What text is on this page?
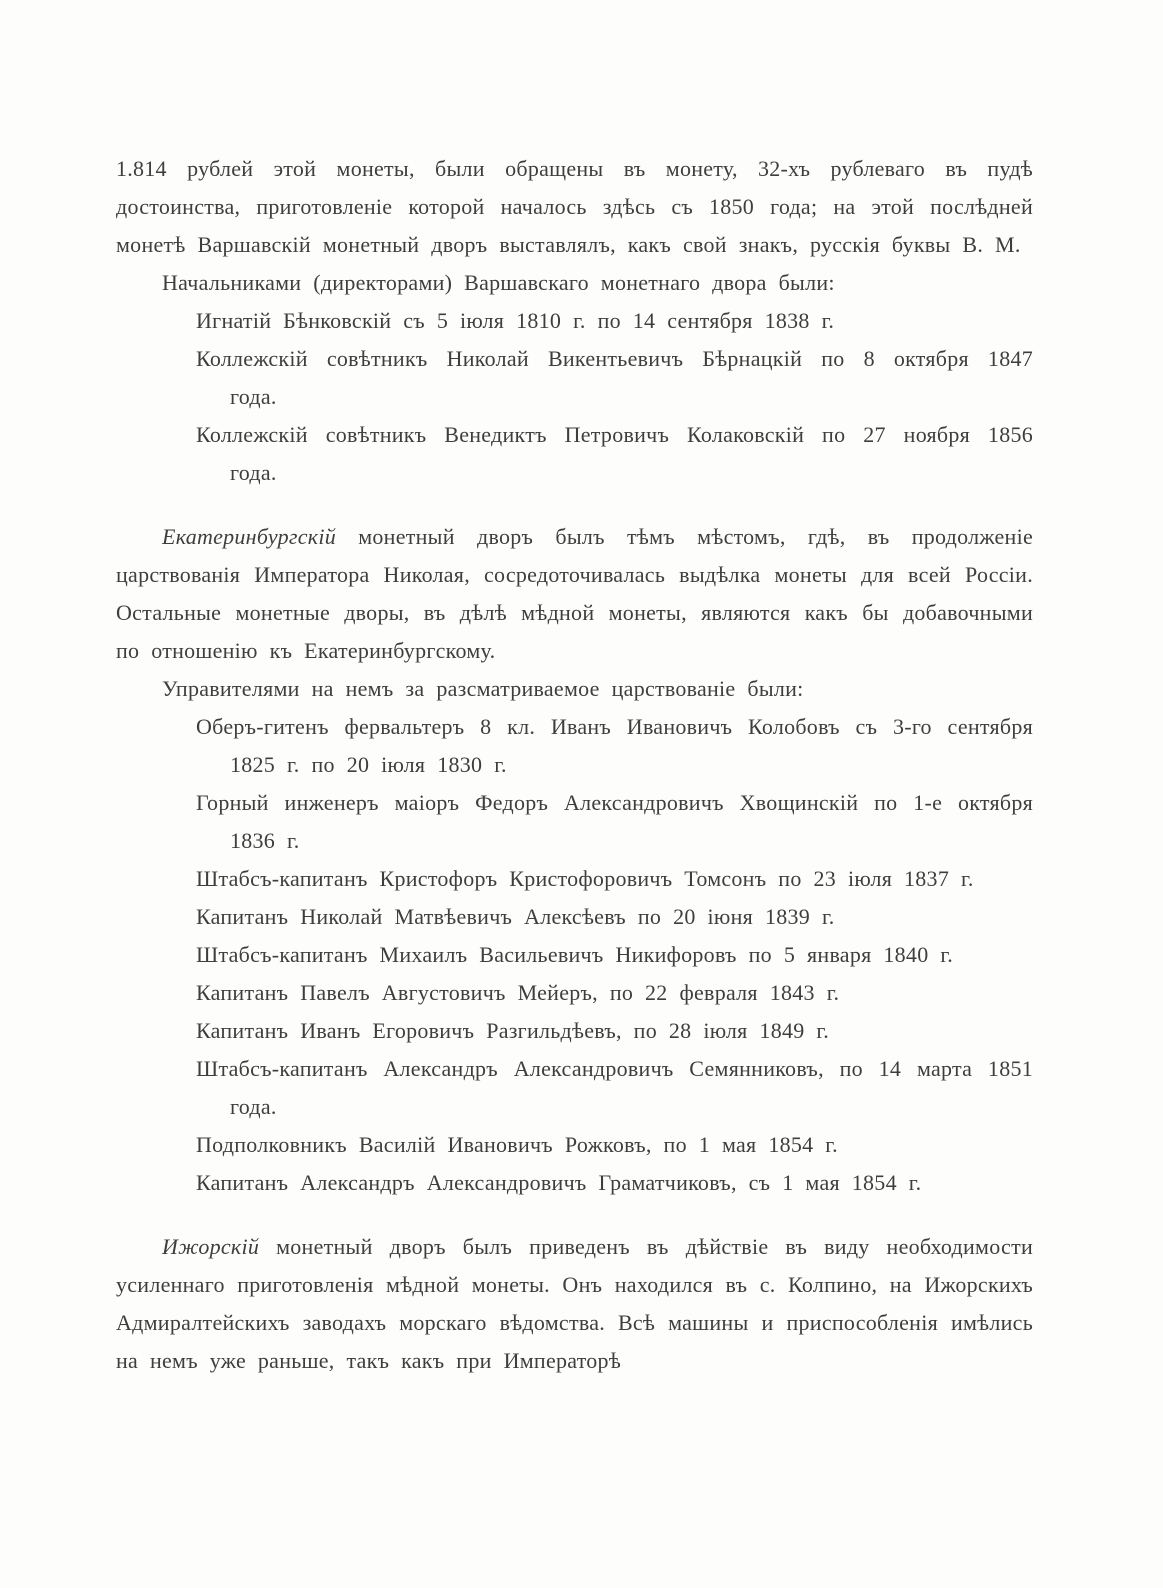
1.814 рублей этой монеты, были обращены въ монету, 32-хъ рублеваго въ пудѣ достоинства, приготовленіе которой началось здѣсь съ 1850 года; на этой послѣдней монетѣ Варшавскій монетный дворъ выставлялъ, какъ свой знакъ, русскія буквы В. М.

Начальниками (директорами) Варшавскаго монетнаго двора были:

Игнатій Бѣнковскій съ 5 іюля 1810 г. по 14 сентября 1838 г.

Коллежскій совѣтникъ Николай Викентьевичъ Бѣрнацкій по 8 октября 1847 года.

Коллежскій совѣтникъ Венедиктъ Петровичъ Колаковскій по 27 ноября 1856 года.

Екатеринбургскій монетный дворъ былъ тѣмъ мѣстомъ, гдѣ, въ продолженіе царствованія Императора Николая, сосредоточивалась выдѣлка монеты для всей Россіи. Остальные монетные дворы, въ дѣлѣ мѣдной монеты, являются какъ бы добавочными по отношенію къ Екатеринбургскому.

Управителями на немъ за разсматриваемое царствованіе были:

Оберъ-гитенъ фервальтеръ 8 кл. Иванъ Ивановичъ Колобовъ съ 3-го сентября 1825 г. по 20 іюля 1830 г.

Горный инженеръ маіоръ Федоръ Александровичъ Хвощинскій по 1-е октября 1836 г.

Штабсъ-капитанъ Кристофоръ Кристофоровичъ Томсонъ по 23 іюля 1837 г.

Капитанъ Николай Матвѣевичъ Алексѣевъ по 20 іюня 1839 г.

Штабсъ-капитанъ Михаилъ Васильевичъ Никифоровъ по 5 января 1840 г.

Капитанъ Павелъ Августовичъ Мейеръ, по 22 февраля 1843 г.

Капитанъ Иванъ Егоровичъ Разгильдѣевъ, по 28 іюля 1849 г.

Штабсъ-капитанъ Александръ Александровичъ Семянниковъ, по 14 марта 1851 года.

Подполковникъ Василій Ивановичъ Рожковъ, по 1 мая 1854 г.

Капитанъ Александръ Александровичъ Граматчиковъ, съ 1 мая 1854 г.

Ижорскій монетный дворъ былъ приведенъ въ дѣйствіе въ виду необходимости усиленнаго приготовленія мѣдной монеты. Онъ находился въ с. Колпино, на Ижорскихъ Адмиралтейскихъ заводахъ морскаго вѣдомства. Всѣ машины и приспособленія имѣлись на немъ уже раньше, такъ какъ при Императорѣ
